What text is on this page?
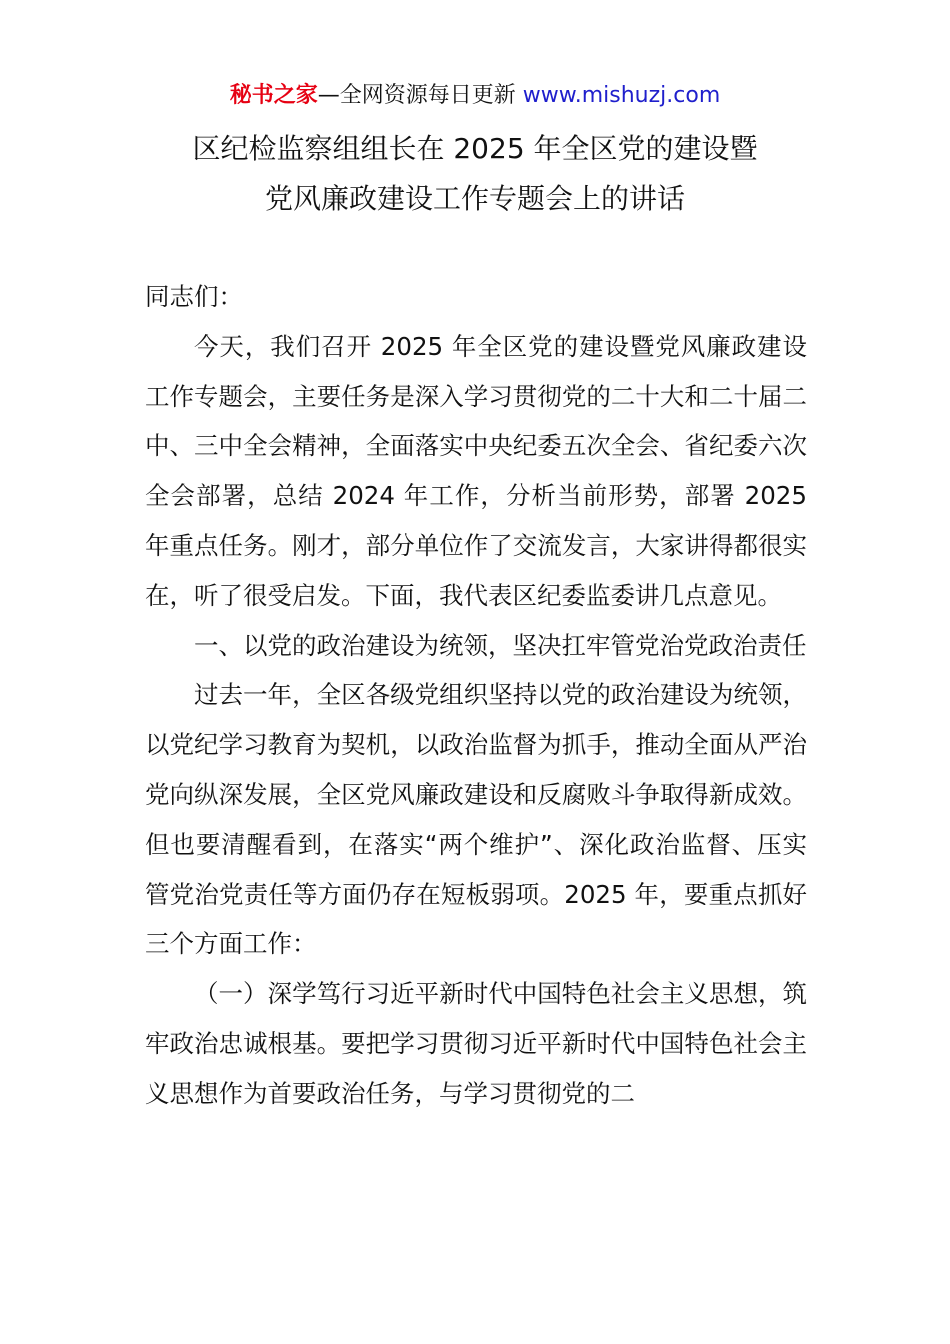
秘书之家—全网资源每日更新 www.mishuzj.com
区纪检监察组组长在 2025 年全区党的建设暨
党风廉政建设工作专题会上的讲话

同志们：

今天，我们召开 2025 年全区党的建设暨党风廉政建设工作专题会，主要任务是深入学习贯彻党的二十大和二十届二中、三中全会精神，全面落实中央纪委五次全会、省纪委六次全会部署，总结 2024 年工作，分析当前形势，部署 2025 年重点任务。刚才，部分单位作了交流发言，大家讲得都很实在，听了很受启发。下面，我代表区纪委监委讲几点意见。

一、以党的政治建设为统领，坚决扛牢管党治党政治责任

过去一年，全区各级党组织坚持以党的政治建设为统领，以党纪学习教育为契机，以政治监督为抓手，推动全面从严治党向纵深发展，全区党风廉政建设和反腐败斗争取得新成效。但也要清醒看到，在落实“两个维护”、深化政治监督、压实管党治党责任等方面仍存在短板弱项。2025 年，要重点抓好三个方面工作：

（一）深学笃行习近平新时代中国特色社会主义思想，筑牢政治忠诚根基。要把学习贯彻习近平新时代中国特色社会主义思想作为首要政治任务，与学习贯彻党的二
